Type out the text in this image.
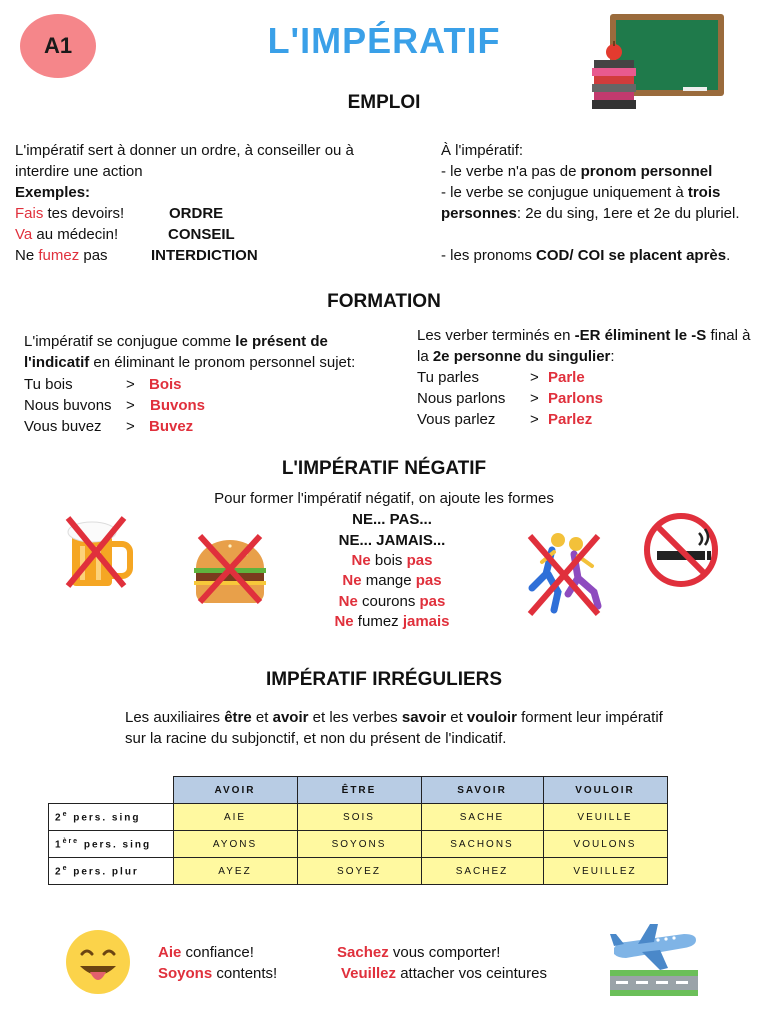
A1	L'IMPÉRATIF
EMPLOI
L'impératif sert à donner un ordre, à conseiller ou à interdire une action
Exemples:
Fais tes devoirs!	ORDRE
Va au médecin!	CONSEIL
Ne fumez pas	INTERDICTION
À l'impératif:
- le verbe n'a pas de pronom personnel
- le verbe se conjugue uniquement à trois personnes: 2e du sing, 1ere et 2e du pluriel.
- les pronoms COD/ COI se placent après.
FORMATION
L'impératif se conjugue comme le présent de l'indicatif en éliminant le pronom personnel sujet:
Tu bois	> Bois
Nous buvons > Buvons
Vous buvez > Buvez
Les verber terminés en -ER éliminent le -S final à la 2e personne du singulier:
Tu parles	> Parle
Nous parlons > Parlons
Vous parlez > Parlez
L'IMPÉRATIF NÉGATIF
Pour former l'impératif négatif, on ajoute les formes
NE... PAS...
NE... JAMAIS...
Ne bois pas
Ne mange pas
Ne courons pas
Ne fumez jamais
IMPÉRATIF IRRÉGULIERS
Les auxiliaires être et avoir et les verbes savoir et vouloir forment leur impératif sur la racine du subjonctif, et non du présent de l'indicatif.
	AVOIR	ÊTRE	SAVOIR	VOULOIR
2e pers. sing	AIE	SOIS	SACHE	VEUILLE
1ère pers. sing	AYONS	SOYONS	SACHONS	VOULONS
2e pers. plur	AYEZ	SOYEZ	SACHEZ	VEUILLEZ
Aie confiance!
Soyons contents!
Sachez vous comporter!
Veuillez attacher vos ceintures
